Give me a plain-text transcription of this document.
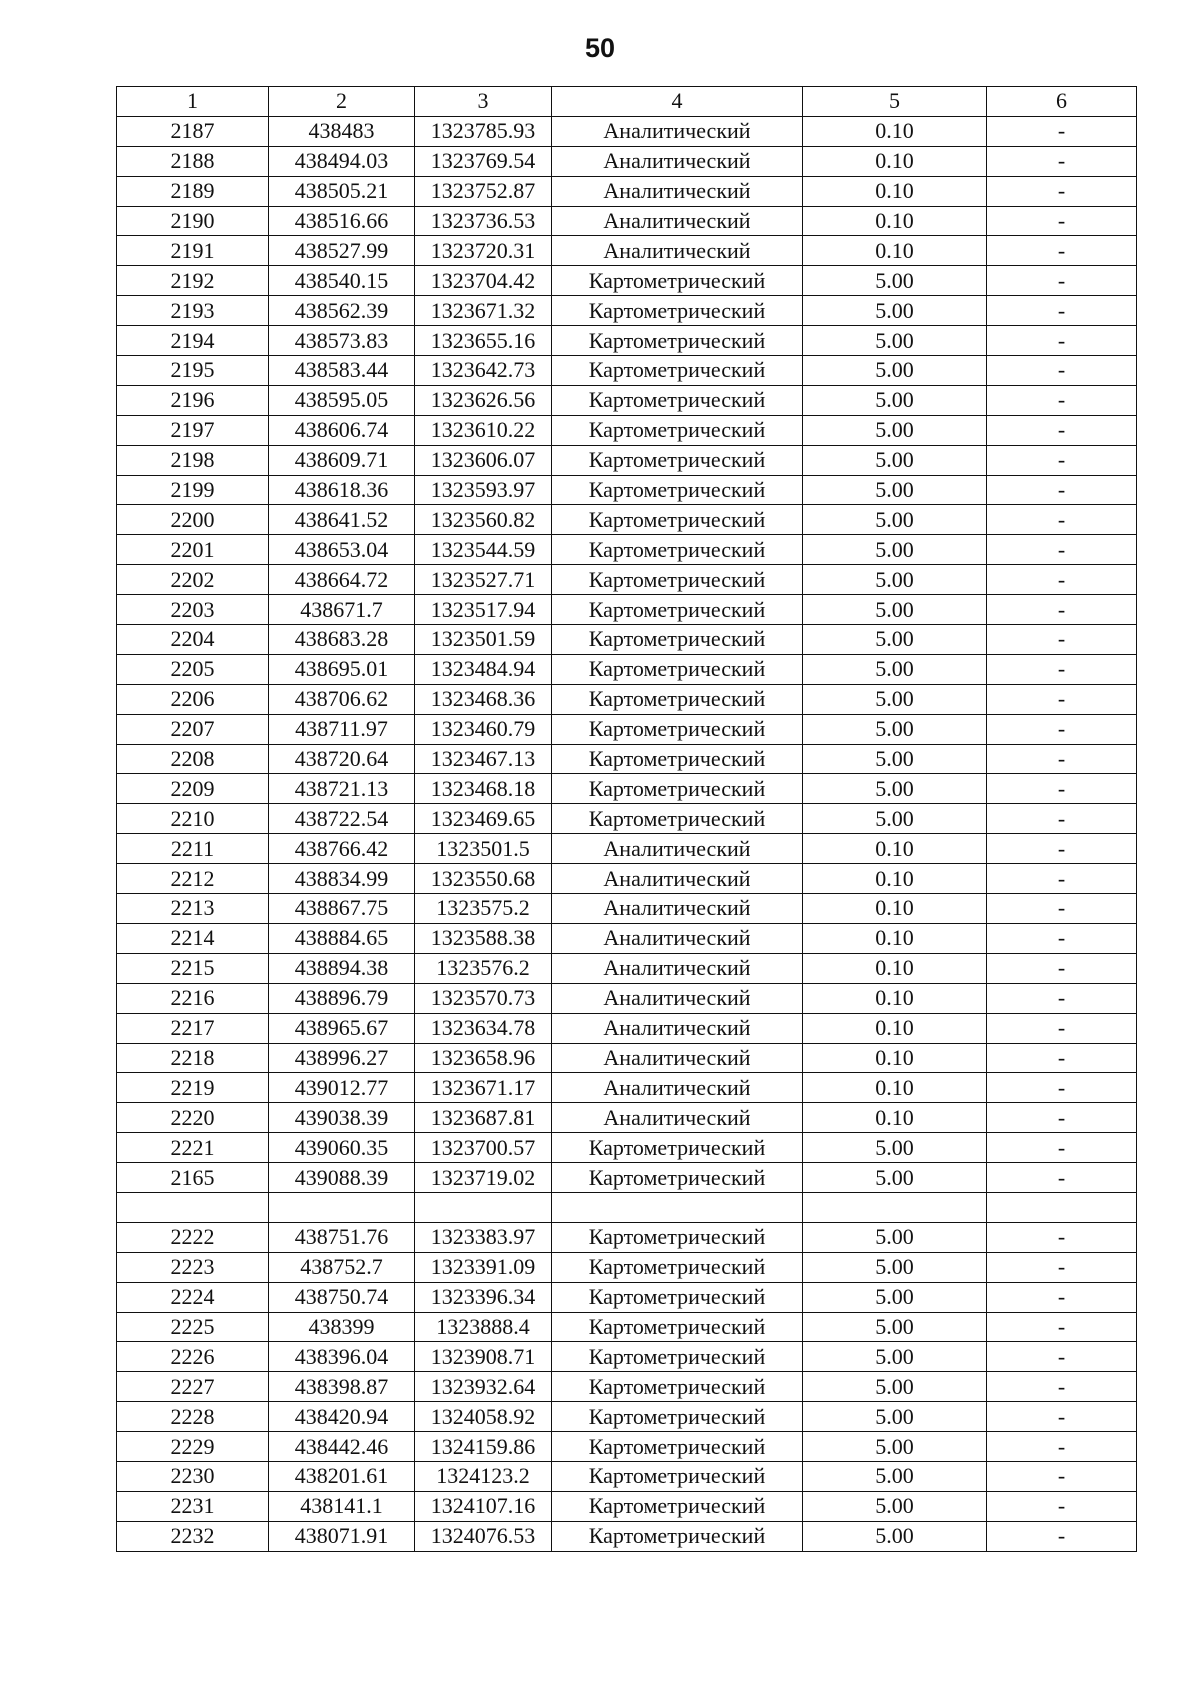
50
1	2	3	4	5	6
2187	438483	1323785.93	Аналитический	0.10	-
2188	438494.03	1323769.54	Аналитический	0.10	-
2189	438505.21	1323752.87	Аналитический	0.10	-
2190	438516.66	1323736.53	Аналитический	0.10	-
2191	438527.99	1323720.31	Аналитический	0.10	-
2192	438540.15	1323704.42	Картометрический	5.00	-
2193	438562.39	1323671.32	Картометрический	5.00	-
2194	438573.83	1323655.16	Картометрический	5.00	-
2195	438583.44	1323642.73	Картометрический	5.00	-
2196	438595.05	1323626.56	Картометрический	5.00	-
2197	438606.74	1323610.22	Картометрический	5.00	-
2198	438609.71	1323606.07	Картометрический	5.00	-
2199	438618.36	1323593.97	Картометрический	5.00	-
2200	438641.52	1323560.82	Картометрический	5.00	-
2201	438653.04	1323544.59	Картометрический	5.00	-
2202	438664.72	1323527.71	Картометрический	5.00	-
2203	438671.7	1323517.94	Картометрический	5.00	-
2204	438683.28	1323501.59	Картометрический	5.00	-
2205	438695.01	1323484.94	Картометрический	5.00	-
2206	438706.62	1323468.36	Картометрический	5.00	-
2207	438711.97	1323460.79	Картометрический	5.00	-
2208	438720.64	1323467.13	Картометрический	5.00	-
2209	438721.13	1323468.18	Картометрический	5.00	-
2210	438722.54	1323469.65	Картометрический	5.00	-
2211	438766.42	1323501.5	Аналитический	0.10	-
2212	438834.99	1323550.68	Аналитический	0.10	-
2213	438867.75	1323575.2	Аналитический	0.10	-
2214	438884.65	1323588.38	Аналитический	0.10	-
2215	438894.38	1323576.2	Аналитический	0.10	-
2216	438896.79	1323570.73	Аналитический	0.10	-
2217	438965.67	1323634.78	Аналитический	0.10	-
2218	438996.27	1323658.96	Аналитический	0.10	-
2219	439012.77	1323671.17	Аналитический	0.10	-
2220	439038.39	1323687.81	Аналитический	0.10	-
2221	439060.35	1323700.57	Картометрический	5.00	-
2165	439088.39	1323719.02	Картометрический	5.00	-

2222	438751.76	1323383.97	Картометрический	5.00	-
2223	438752.7	1323391.09	Картометрический	5.00	-
2224	438750.74	1323396.34	Картометрический	5.00	-
2225	438399	1323888.4	Картометрический	5.00	-
2226	438396.04	1323908.71	Картометрический	5.00	-
2227	438398.87	1323932.64	Картометрический	5.00	-
2228	438420.94	1324058.92	Картометрический	5.00	-
2229	438442.46	1324159.86	Картометрический	5.00	-
2230	438201.61	1324123.2	Картометрический	5.00	-
2231	438141.1	1324107.16	Картометрический	5.00	-
2232	438071.91	1324076.53	Картометрический	5.00	-
